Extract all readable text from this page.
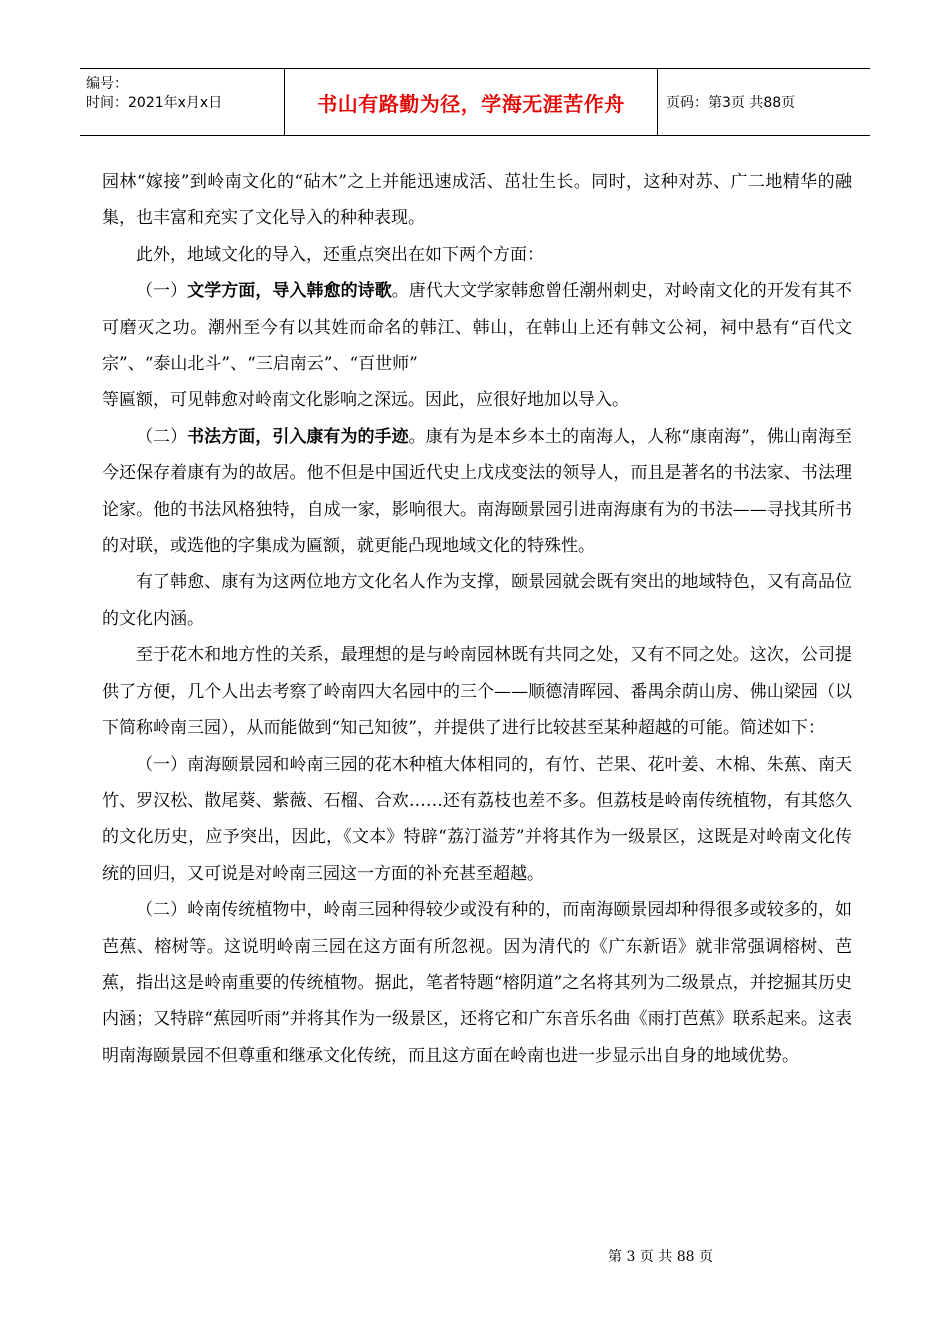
编号：
时间：2021年x月x日	书山有路勤为径，学海无涯苦作舟	页码：第3页 共88页

园林“嫁接”到岭南文化的“砧木”之上并能迅速成活、茁壮生长。同时，这种对苏、广二地精华的融集，也丰富和充实了文化导入的种种表现。

此外，地域文化的导入，还重点突出在如下两个方面：

（一）文学方面，导入韩愈的诗歌。唐代大文学家韩愈曾任潮州刺史，对岭南文化的开发有其不可磨灭之功。潮州至今有以其姓而命名的韩江、韩山，在韩山上还有韩文公祠，祠中悬有“百代文宗”、“泰山北斗”、“三启南云”、“百世师”

等匾额，可见韩愈对岭南文化影响之深远。因此，应很好地加以导入。

（二）书法方面，引入康有为的手迹。康有为是本乡本土的南海人，人称“康南海”，佛山南海至今还保存着康有为的故居。他不但是中国近代史上戊戌变法的领导人，而且是著名的书法家、书法理论家。他的书法风格独特，自成一家，影响很大。南海颐景园引进南海康有为的书法——寻找其所书的对联，或选他的字集成为匾额，就更能凸现地域文化的特殊性。

有了韩愈、康有为这两位地方文化名人作为支撑，颐景园就会既有突出的地域特色，又有高品位的文化内涵。

至于花木和地方性的关系，最理想的是与岭南园林既有共同之处，又有不同之处。这次，公司提供了方便，几个人出去考察了岭南四大名园中的三个——顺德清晖园、番禺余荫山房、佛山梁园（以下简称岭南三园），从而能做到“知己知彼”，并提供了进行比较甚至某种超越的可能。简述如下：

（一）南海颐景园和岭南三园的花木种植大体相同的，有竹、芒果、花叶姜、木棉、朱蕉、南天竹、罗汉松、散尾葵、紫薇、石榴、合欢……还有荔枝也差不多。但荔枝是岭南传统植物，有其悠久的文化历史，应予突出，因此，《文本》特辟“荔汀溢芳”并将其作为一级景区，这既是对岭南文化传统的回归，又可说是对岭南三园这一方面的补充甚至超越。

（二）岭南传统植物中，岭南三园种得较少或没有种的，而南海颐景园却种得很多或较多的，如芭蕉、榕树等。这说明岭南三园在这方面有所忽视。因为清代的《广东新语》就非常强调榕树、芭蕉，指出这是岭南重要的传统植物。据此，笔者特题“榕阴道”之名将其列为二级景点，并挖掘其历史内涵；又特辟“蕉园听雨”并将其作为一级景区，还将它和广东音乐名曲《雨打芭蕉》联系起来。这表明南海颐景园不但尊重和继承文化传统，而且这方面在岭南也进一步显示出自身的地域优势。

第 3 页 共 88 页
